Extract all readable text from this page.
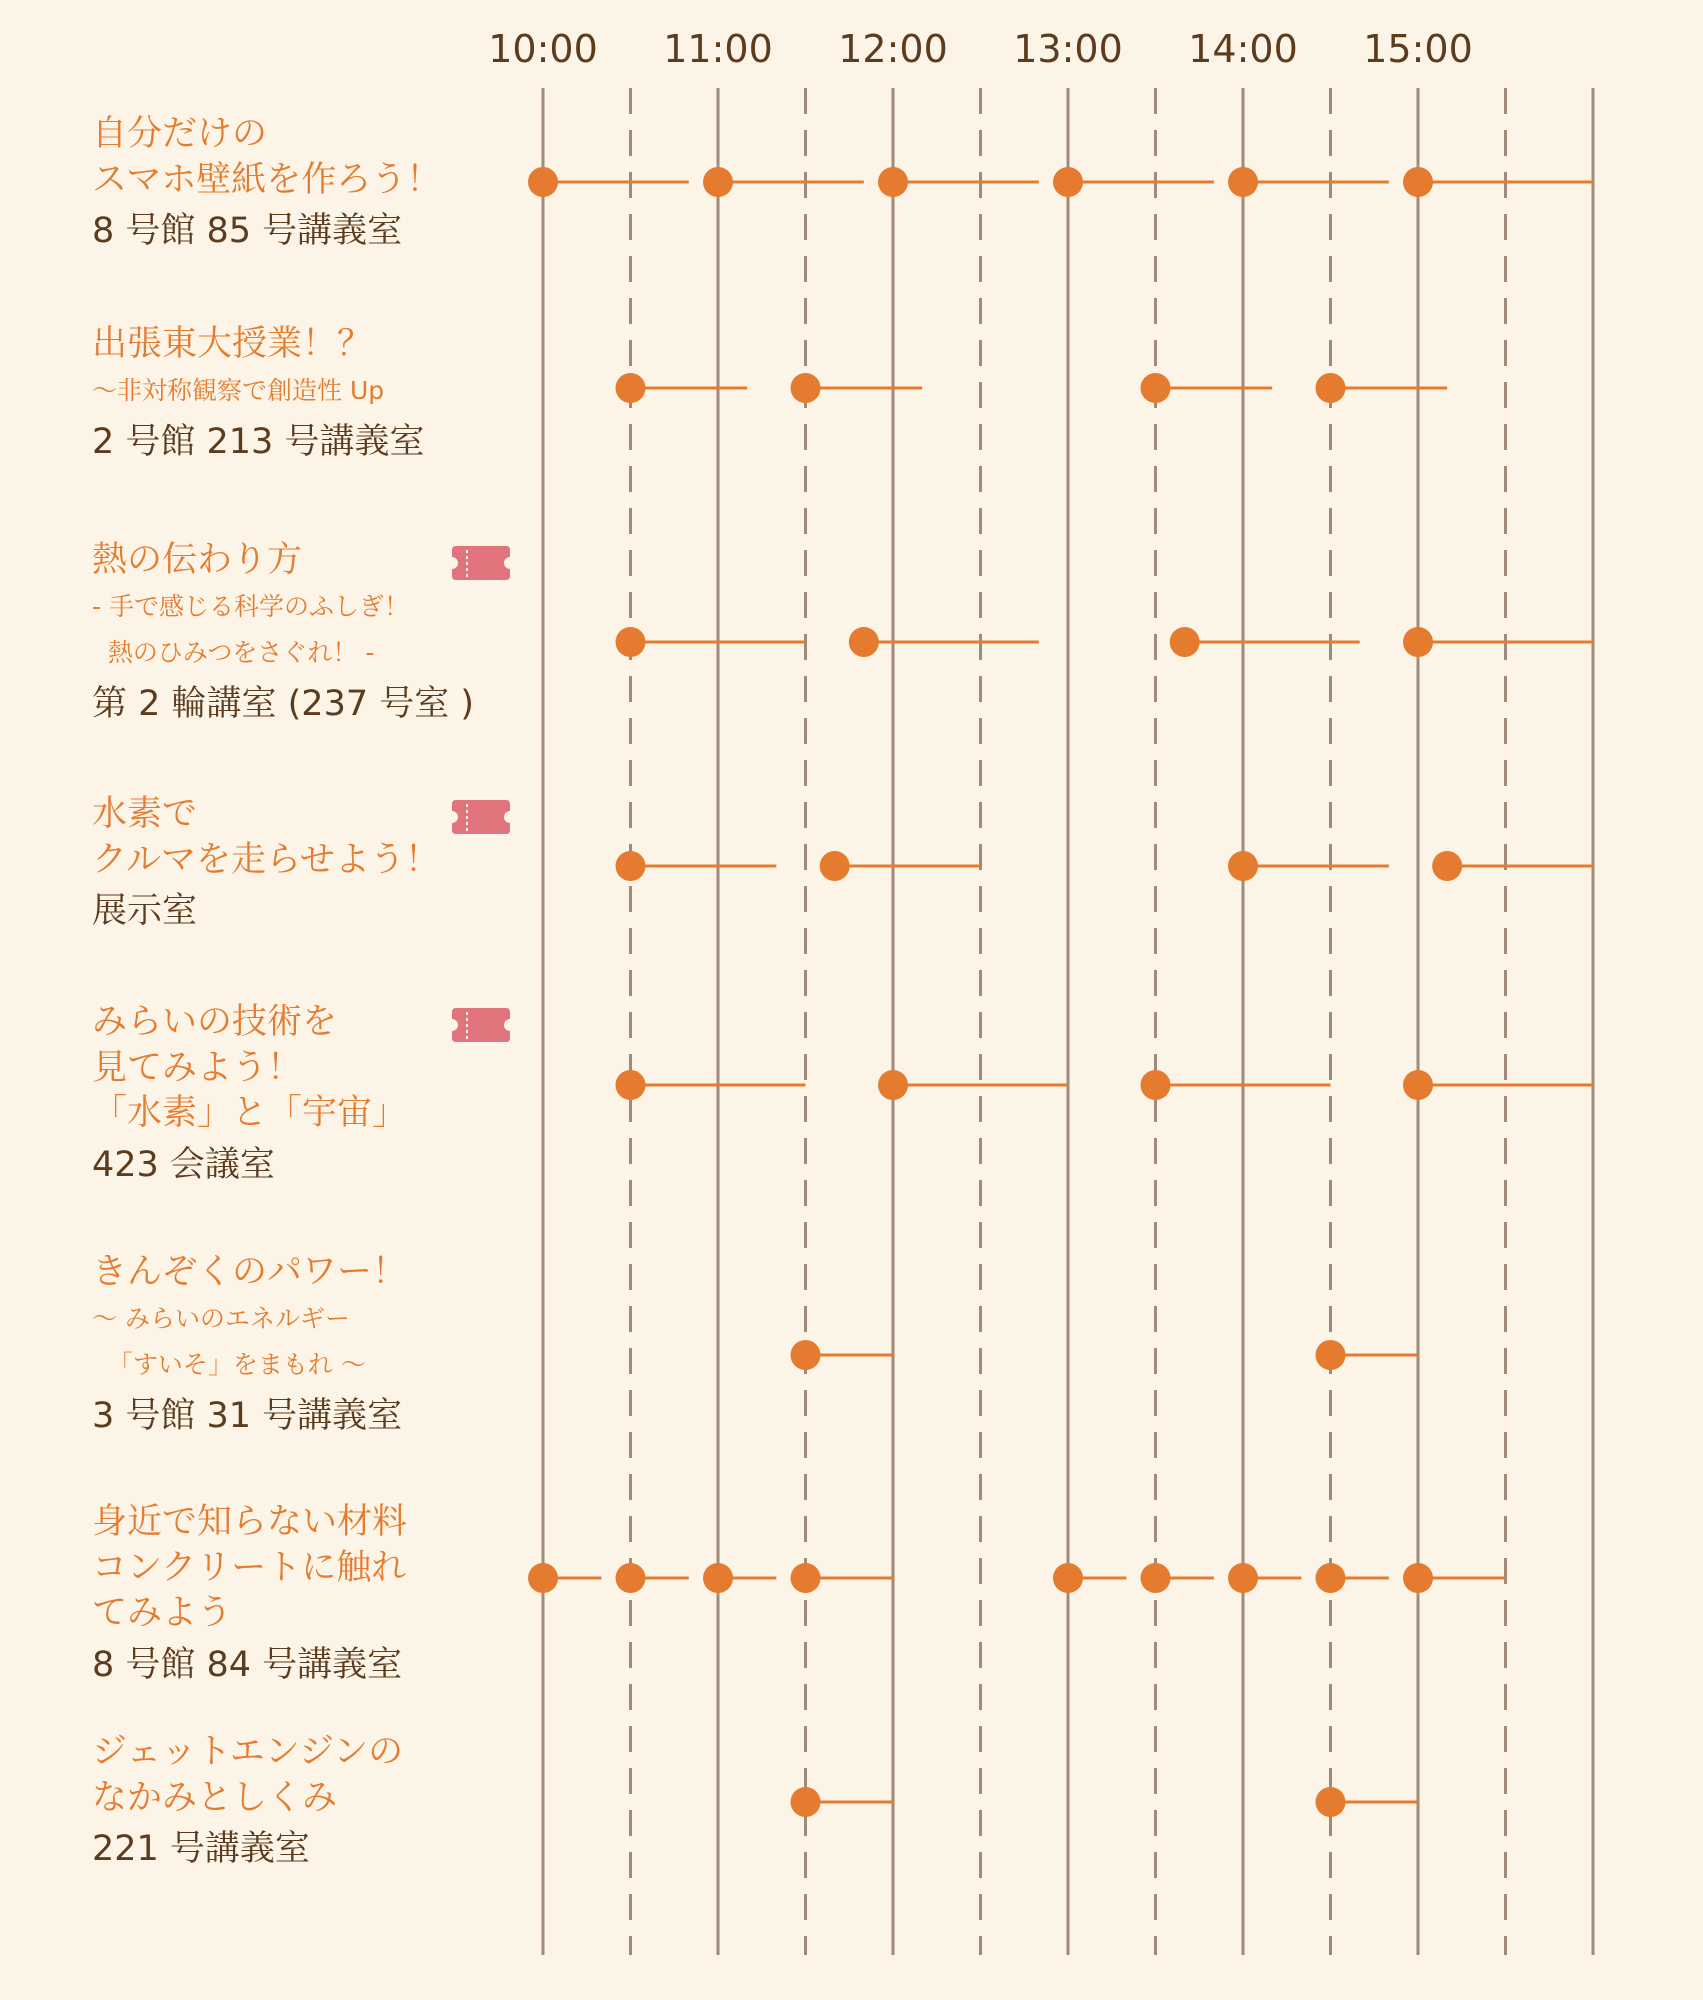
10:00 11:00 12:00 13:00 14:00 15:00
自分だけの
スマホ壁紙を作ろう！
8 号館 85 号講義室
出張東大授業！？
～非対称観察で創造性 Up
2 号館 213 号講義室
熱の伝わり方
- 手で感じる科学のふしぎ！
熱のひみつをさぐれ！ -
第 2 輪講室 (237 号室 )
水素で
クルマを走らせよう！
展示室
みらいの技術を
見てみよう！
「水素」と「宇宙」
423 会議室
きんぞくのパワー！
～ みらいのエネルギー
「すいそ」をまもれ ～
3 号館 31 号講義室
身近で知らない材料
コンクリートに触れ
てみよう
8 号館 84 号講義室
ジェットエンジンの
なかみとしくみ
221 号講義室
